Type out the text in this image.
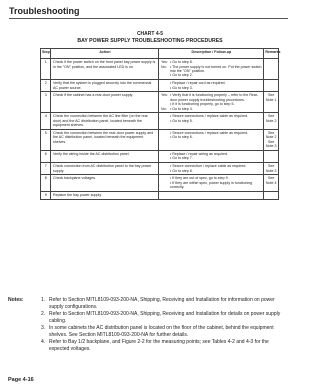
Troubleshooting
CHART 4-5
BAY POWER SUPPLY TROUBLESHOOTING PROCEDURES
Step	Action	Description / Follow-up	Remarks
1	Check if the power switch on the front panel bay power supply is in the "ON" position, and the associated LED is on.	Yes: • Go to step 8.
No: • The power supply is not turned on. Put the power switch into the "ON" position.
• Go to step 2.	

2	Verify that the system is plugged securely into the commercial AC power source.	• Replace / repair cord as required.
• Go to step 3.	

3	Check if the cabinet has a rear-door power supply.	Yes: • Verify that it is functioning properly – refer to the Rear-door power supply troubleshooting procedures.
• If it is functioning properly, go to step 5.
No: • Go to step 4.	See Note 1
4	Check the connection between the AC line filter (on the rear door) and the AC distribution panel, located beneath the equipment shelves.	• Secure connections / replace cable as required.
• Go to step 5.	See Note 2
5	Check the connection between the rear-door power supply and the AC distribution panel, located beneath the equipment shelves.	• Secure connections / replace cable as required.
• Go to step 6.	See Note 2 See Note 3
6	Verify the wiring inside the AC distribution panel.	• Replace / repair wiring as required.
• Go to step 7.	

7	Check connection from AC distribution panel to the bay power supply.	• Secure connection / replace cable as required.
• Go to step 8.	See Note 3
8	Check backplane voltages.	• If they are out of spec, go to step 9.
• If they are within spec, power supply is functioning correctly.	See Note 4
9	Replace the bay power supply.		
Notes:	1. Refer to Section MITL8109-093-200-NA, Shipping, Receiving and Installation for information on power supply configurations.
2. Refer to Section MITL8109-093-200-NA, Shipping, Receiving and Installation for details on power supply cabling.
3. In some cabinets the AC distribution panel is located on the floor of the cabinet, behind the equipment shelves. See Section MITL8109-093-200-NA for further details.
4. Refer to Bay 1/2 backplane, and Figure 2-2 for the measuring points; see Tables 4-2 and 4-3 for the expected voltages.
Page 4-16
